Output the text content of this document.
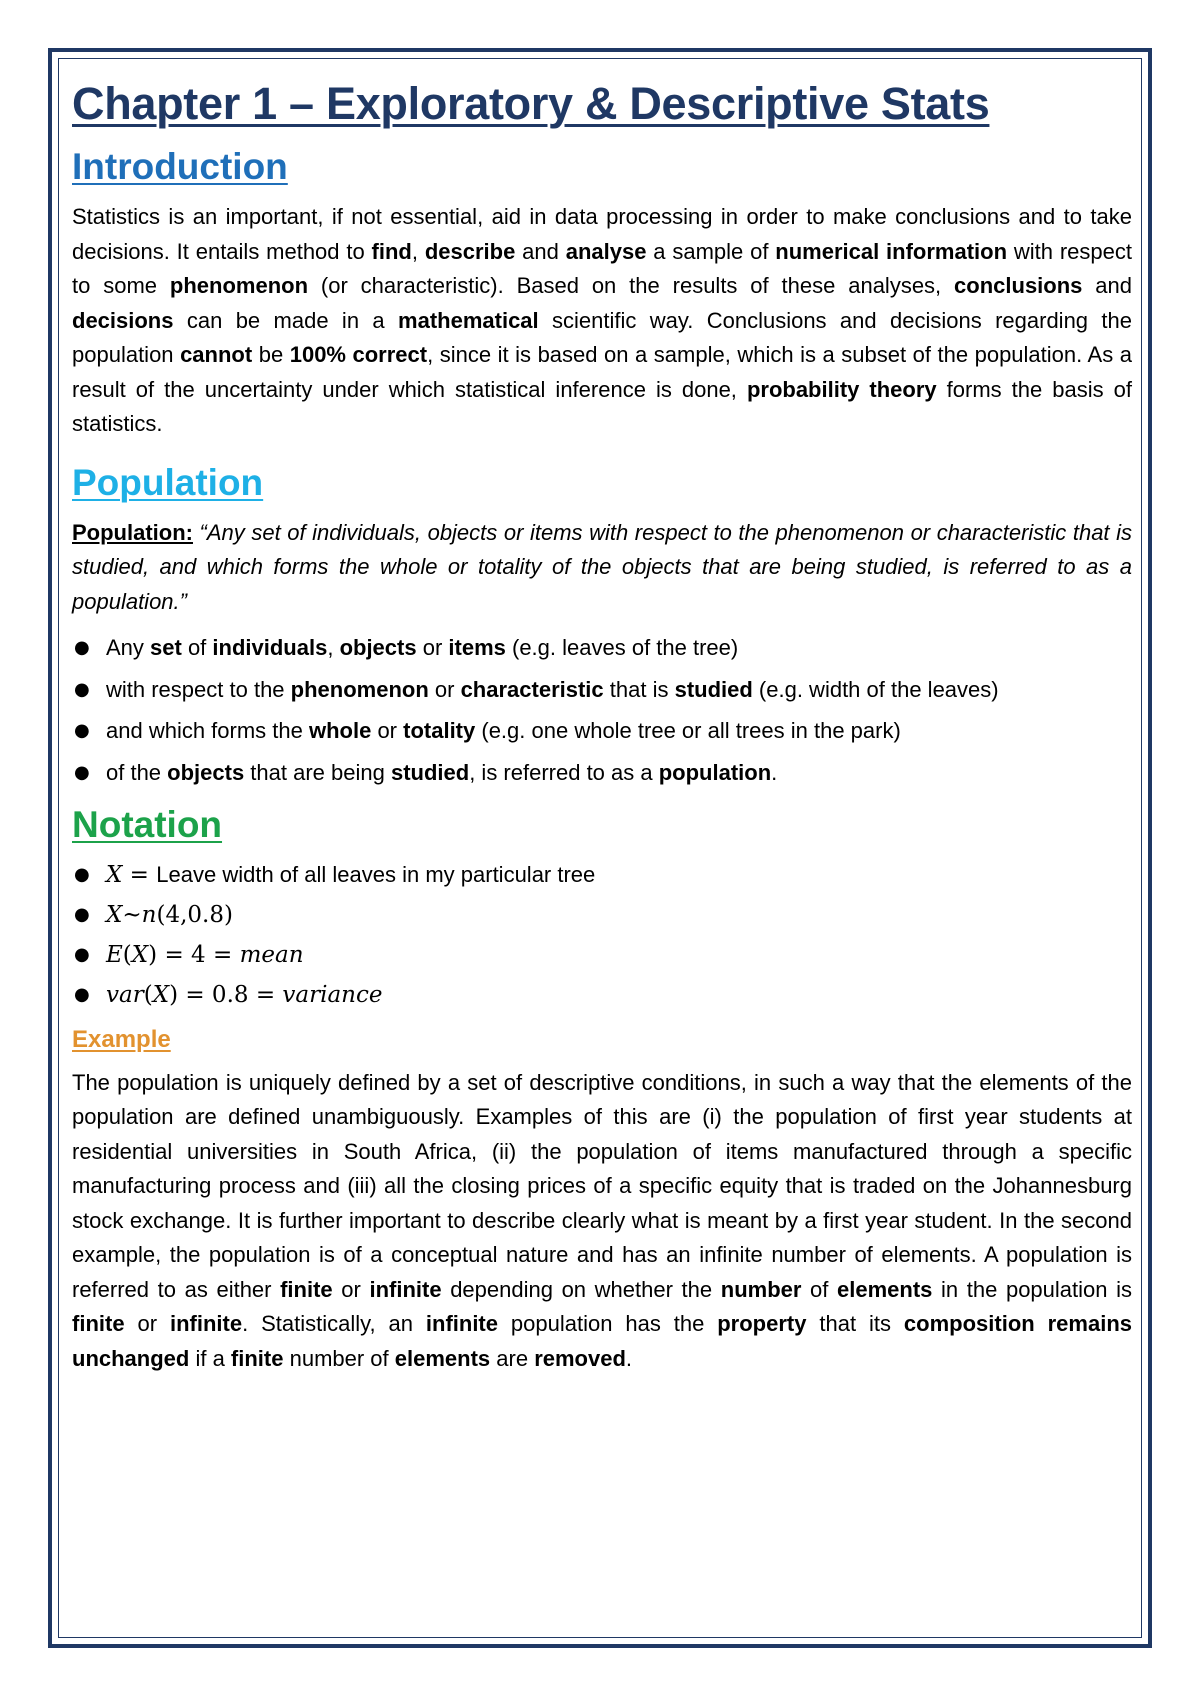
Chapter 1 – Exploratory & Descriptive Stats
Introduction

Statistics is an important, if not essential, aid in data processing in order to make conclusions and to take decisions. It entails method to find, describe and analyse a sample of numerical information with respect to some phenomenon (or characteristic). Based on the results of these analyses, conclusions and decisions can be made in a mathematical scientific way. Conclusions and decisions regarding the population cannot be 100% correct, since it is based on a sample, which is a subset of the population. As a result of the uncertainty under which statistical inference is done, probability theory forms the basis of statistics.

Population

Population: “Any set of individuals, objects or items with respect to the phenomenon or characteristic that is studied, and which forms the whole or totality of the objects that are being studied, is referred to as a population.”

● Any set of individuals, objects or items (e.g. leaves of the tree)
● with respect to the phenomenon or characteristic that is studied (e.g. width of the leaves)
● and which forms the whole or totality (e.g. one whole tree or all trees in the park)
● of the objects that are being studied, is referred to as a population.
Notation
● X = Leave width of all leaves in my particular tree
● X~n(4,0.8)
● E(X) = 4 = mean
● var(X) = 0.8 = variance
Example

The population is uniquely defined by a set of descriptive conditions, in such a way that the elements of the population are defined unambiguously. Examples of this are (i) the population of first year students at residential universities in South Africa, (ii) the population of items manufactured through a specific manufacturing process and (iii) all the closing prices of a specific equity that is traded on the Johannesburg stock exchange. It is further important to describe clearly what is meant by a first year student. In the second example, the population is of a conceptual nature and has an infinite number of elements. A population is referred to as either finite or infinite depending on whether the number of elements in the population is finite or infinite. Statistically, an infinite population has the property that its composition remains unchanged if a finite number of elements are removed.
